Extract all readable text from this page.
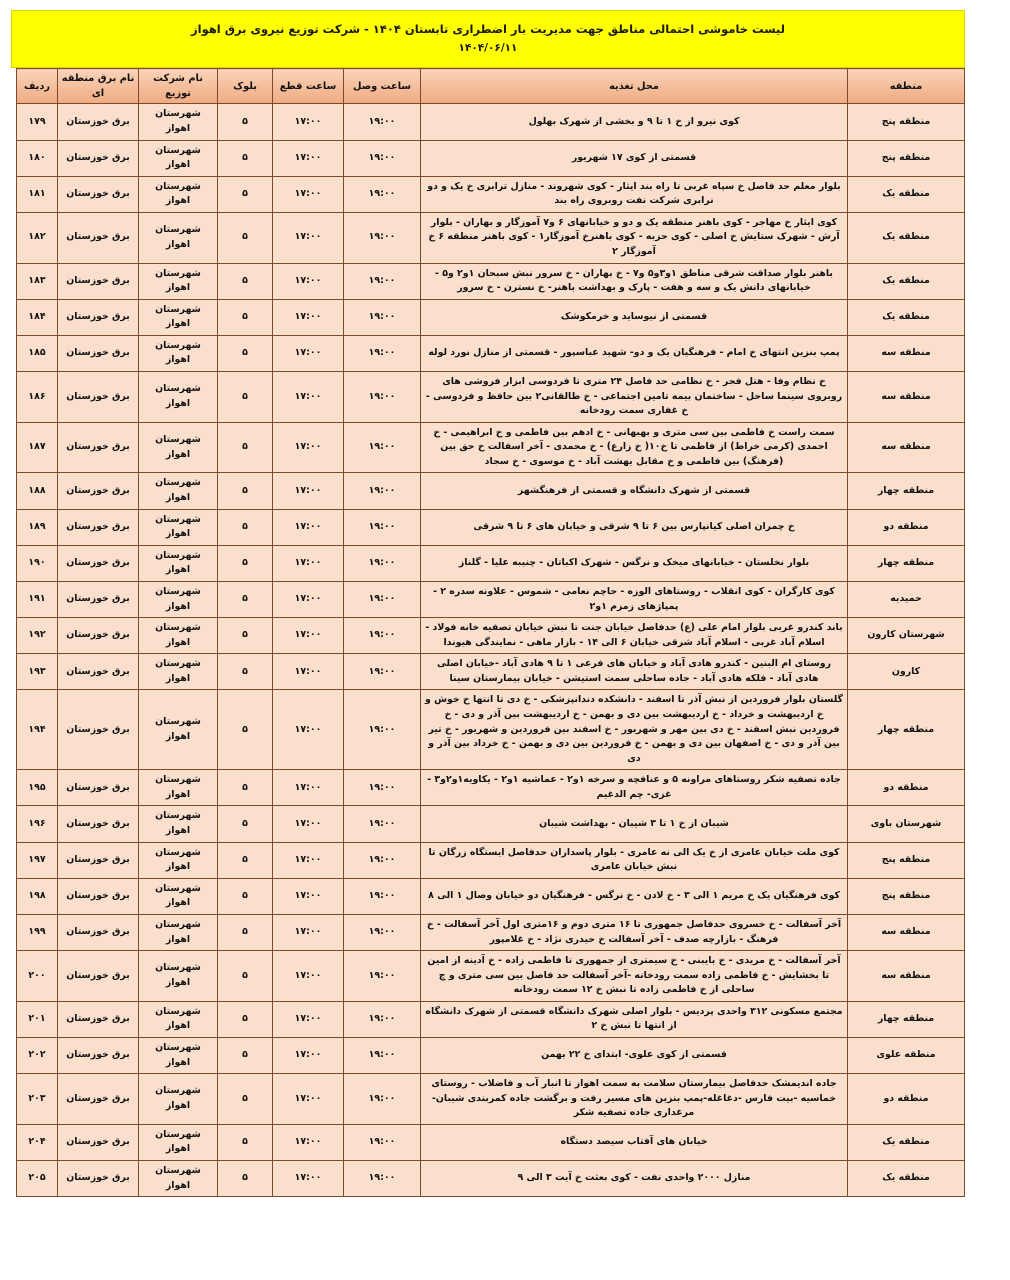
لیست خاموشی احتمالی مناطق جهت مدیریت بار اضطراری تابستان ۱۴۰۴ - شرکت توزیع نیروی برق اهواز
۱۴۰۴/۰۶/۱۱
منطقه	محل تغذیه	ساعت وصل	ساعت قطع	بلوک	نام شرکت توزیع	نام برق منطقه ای	ردیف
منطقه پنج	کوی نیرو از خ ۱ تا ۹ و بخشی از شهرک بهلول	۱۹:۰۰	۱۷:۰۰	۵	شهرستان اهواز	برق خوزستان	۱۷۹
منطقه پنج	قسمتی از کوی ۱۷ شهریور	۱۹:۰۰	۱۷:۰۰	۵	شهرستان اهواز	برق خوزستان	۱۸۰
منطقه یک	بلوار معلم حد فاصل خ سپاه غربی تا راه بند ایثار - کوی شهروند - منازل ترابری خ یک و دو ترابری شرکت نفت روبروی راه بند	۱۹:۰۰	۱۷:۰۰	۵	شهرستان اهواز	برق خوزستان	۱۸۱
منطقه یک	کوی ایثار خ مهاجر - کوی باهنر منطقه یک و دو و خیابانهای ۶ و۷ آموزگار و بهاران - بلوار آرش - شهرک ستایش خ اصلی - کوی حزبه - کوی باهنرخ آموزگار۱ - کوی باهنر منطقه ۶ خ آموزگار ۲	۱۹:۰۰	۱۷:۰۰	۵	شهرستان اهواز	برق خوزستان	۱۸۲
منطقه یک	باهنر بلوار صداقت شرقی مناطق ۱و۳و۵ و۷ - خ بهاران - خ سرور نبش سبحان ۱و۲ و۵ - خیابانهای دانش یک و سه و هفت - پارک و بهداشت باهنر- خ نسترن - خ سرور	۱۹:۰۰	۱۷:۰۰	۵	شهرستان اهواز	برق خوزستان	۱۸۳
منطقه یک	قسمتی از نیوساید و خرمکوشک	۱۹:۰۰	۱۷:۰۰	۵	شهرستان اهواز	برق خوزستان	۱۸۴
منطقه سه	پمپ بنزین انتهای خ امام - فرهنگیان یک و دو- شهید عباسپور - قسمتی از منازل نورد لوله	۱۹:۰۰	۱۷:۰۰	۵	شهرستان اهواز	برق خوزستان	۱۸۵
منطقه سه	خ نظام وفا - هتل فجر - خ نظامی حد فاصل ۲۴ متری تا فردوسی ابزار فروشی های روبروی سینما ساحل - ساختمان بیمه تامین اجتماعی - خ طالقانی۲ بین حافظ و فردوسی - خ غفاری سمت رودخانه	۱۹:۰۰	۱۷:۰۰	۵	شهرستان اهواز	برق خوزستان	۱۸۶
منطقه سه	سمت راست خ فاطمی بین سی متری و بهبهانی - خ ادهم بین فاطمی و خ ابراهیمی - خ احمدی (کرمی خراط) از فاطمی تا خ۱۰( خ زارع) - خ محمدی - آخر اسفالت خ حق بین (فرهنگ) بین فاطمی و خ مقابل بهشت آباد - خ موسوی - خ سجاد	۱۹:۰۰	۱۷:۰۰	۵	شهرستان اهواز	برق خوزستان	۱۸۷
منطقه چهار	قسمتی از شهرک دانشگاه و قسمتی از فرهنگشهر	۱۹:۰۰	۱۷:۰۰	۵	شهرستان اهواز	برق خوزستان	۱۸۸
منطقه دو	خ چمران اصلی کیانپارس بین ۶ تا ۹ شرقی و خیابان های ۶ تا ۹ شرقی	۱۹:۰۰	۱۷:۰۰	۵	شهرستان اهواز	برق خوزستان	۱۸۹
منطقه چهار	بلوار نخلستان - خیابانهای میخک و نرگس - شهرک اکباتان - چنیبه علیا - گلناز	۱۹:۰۰	۱۷:۰۰	۵	شهرستان اهواز	برق خوزستان	۱۹۰
حمیدیه	کوی کارگران - کوی انقلاب - روستاهای الوزه - حاچم نعامی - شموس - علاونه سدره ۲ - پمپاژهای زمزم ۱و۲	۱۹:۰۰	۱۷:۰۰	۵	شهرستان اهواز	برق خوزستان	۱۹۱
شهرستان کارون	باند کندرو غربی بلوار امام علی (ع) حدفاصل خیابان جنت تا نبش خیابان تصفیه خانه فولاد - اسلام آباد غربی - اسلام آباد شرقی خیابان ۶ الی ۱۴ - بازار ماهی - نمایندگی هیوندا	۱۹:۰۰	۱۷:۰۰	۵	شهرستان اهواز	برق خوزستان	۱۹۲
کارون	روستای ام البنین - کندرو هادی آباد و خیابان های فرعی ۱ تا ۹ هادی آباد -خیابان اصلی هادی آباد - فلکه هادی آباد - جاده ساحلی سمت استیشن - خیابان بیمارستان سینا	۱۹:۰۰	۱۷:۰۰	۵	شهرستان اهواز	برق خوزستان	۱۹۳
منطقه چهار	گلستان بلوار فروردین از نبش آذر تا اسفند - دانشکده دندانپزشکی - خ دی تا انتها خ خوش و خ اردیبهشت و خرداد - خ اردیبهشت بین دی و بهمن - خ اردیبهشت بین آذر و دی - خ فروردین نبش اسفند - خ دی بین مهر و شهریور - خ اسفند بین فروردین و شهریور - خ تیر بین آذر و دی - خ اصفهان بین دی و بهمن - خ فروردین بین دی و بهمن - خ خرداد بین آذر و دی	۱۹:۰۰	۱۷:۰۰	۵	شهرستان اهواز	برق خوزستان	۱۹۴
منطقه دو	جاده تصفیه شکر روستاهای مراونه ۵ و عنافچه و سرخه ۱و۲ - عماشیه ۱و۲ - یکاویه۱و۲و۳ - غزی- چم الدغیم	۱۹:۰۰	۱۷:۰۰	۵	شهرستان اهواز	برق خوزستان	۱۹۵
شهرستان باوی	شیبان از خ ۱ تا ۳ شیبان - بهداشت شیبان	۱۹:۰۰	۱۷:۰۰	۵	شهرستان اهواز	برق خوزستان	۱۹۶
منطقه پنج	کوی ملت خیابان عامری از خ یک الی نه عامری - بلوار پاسداران حدفاصل ایستگاه زرگان تا نبش خیابان عامری	۱۹:۰۰	۱۷:۰۰	۵	شهرستان اهواز	برق خوزستان	۱۹۷
منطقه پنج	کوی فرهنگیان یک خ مریم ۱ الی ۳ - خ لادن - خ نرگس - فرهنگیان دو خیابان وصال ۱ الی ۸	۱۹:۰۰	۱۷:۰۰	۵	شهرستان اهواز	برق خوزستان	۱۹۸
منطقه سه	آخر آسفالت - خ خسروی حدفاصل جمهوری تا ۱۶ متری دوم و ۱۶متری اول آخر آسفالت - خ فرهنگ - بازارچه صدف - آخر آسفالت خ حیدری نژاد - خ غلامپور	۱۹:۰۰	۱۷:۰۰	۵	شهرستان اهواز	برق خوزستان	۱۹۹
منطقه سه	آخر آسفالت - خ مریدی - خ بایبنی - خ سیمتری از جمهوری تا فاطمی زاده - خ آدینه از امین تا بخشایش - خ فاطمی زاده سمت رودخانه -آخر آسفالت حد فاصل بین سی متری و چ ساحلی از خ فاطمی زاده تا نبش خ ۱۲ سمت رودخانه	۱۹:۰۰	۱۷:۰۰	۵	شهرستان اهواز	برق خوزستان	۲۰۰
منطقه چهار	مجتمع مسکونی ۳۱۲ واحدی پردیس - بلوار اصلی شهرک دانشگاه قسمتی از شهرک دانشگاه از انتها تا نبش خ ۲	۱۹:۰۰	۱۷:۰۰	۵	شهرستان اهواز	برق خوزستان	۲۰۱
منطقه علوی	قسمتی از کوی علوی- ابتدای خ ۲۲ بهمن	۱۹:۰۰	۱۷:۰۰	۵	شهرستان اهواز	برق خوزستان	۲۰۲
منطقه دو	جاده اندیمشک حدفاصل بیمارستان سلامت به سمت اهواز تا انبار آب و فاضلاب - روستای خماسیه -بیت فارس -دغاغله-پمپ بنزین های مسیر رفت و برگشت جاده کمربندی شیبان- مرغداری جاده تصفیه شکر	۱۹:۰۰	۱۷:۰۰	۵	شهرستان اهواز	برق خوزستان	۲۰۳
منطقه یک	خیابان های آفتاب سیصد دستگاه	۱۹:۰۰	۱۷:۰۰	۵	شهرستان اهواز	برق خوزستان	۲۰۴
منطقه یک	منازل ۲۰۰۰ واحدی نفت - کوی بعثت خ آیت ۳ الی ۹	۱۹:۰۰	۱۷:۰۰	۵	شهرستان اهواز	برق خوزستان	۲۰۵
